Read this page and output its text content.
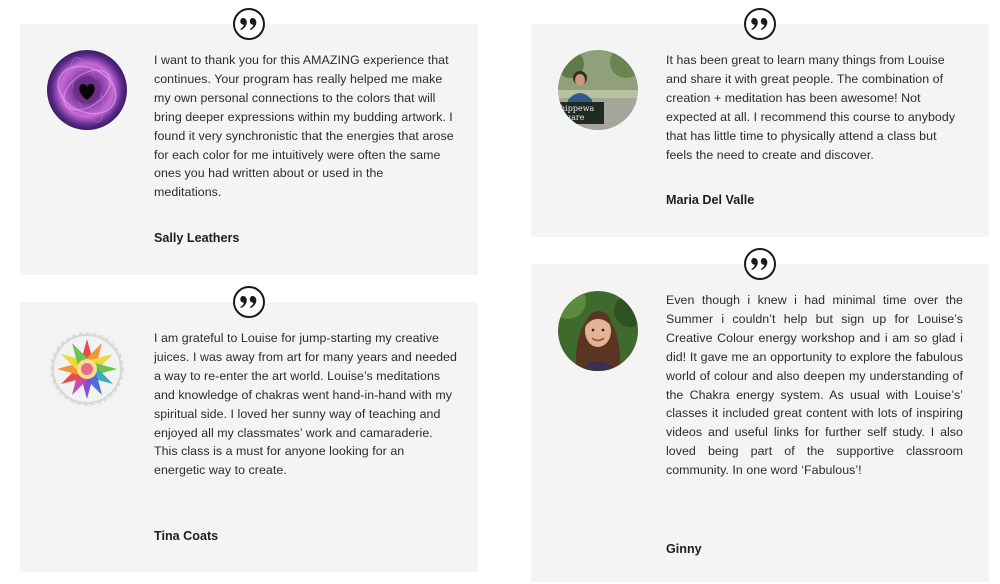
I want to thank you for this AMAZING experience that continues. Your program has really helped me make my own personal connections to the colors that will bring deeper expressions within my budding artwork. I found it very synchronistic that the energies that arose for each color for me intuitively were often the same ones you had written about or used in the meditations.

Sally Leathers

I am grateful to Louise for jump-starting my creative juices. I was away from art for many years and needed a way to re-enter the art world. Louise’s meditations and knowledge of chakras went hand-in-hand with my spiritual side. I loved her sunny way of teaching and enjoyed all my classmates’ work and camaraderie. This class is a must for anyone looking for an energetic way to create.

Tina Coats

hippewa
uare

It has been great to learn many things from Louise and share it with great people. The combination of creation + meditation has been awesome! Not expected at all. I recommend this course to anybody that has little time to physically attend a class but feels the need to create and discover.

Maria Del Valle

Even though i knew i had minimal time over the Summer i couldn’t help but sign up for Louise’s Creative Colour energy workshop and i am so glad i did! It gave me an opportunity to explore the fabulous world of colour and also deepen my understanding of the Chakra energy system. As usual with Louise’s’ classes it included great content with lots of inspiring videos and useful links for further self study. I also loved being part of the supportive classroom community. In one word ‘Fabulous’!

Ginny
